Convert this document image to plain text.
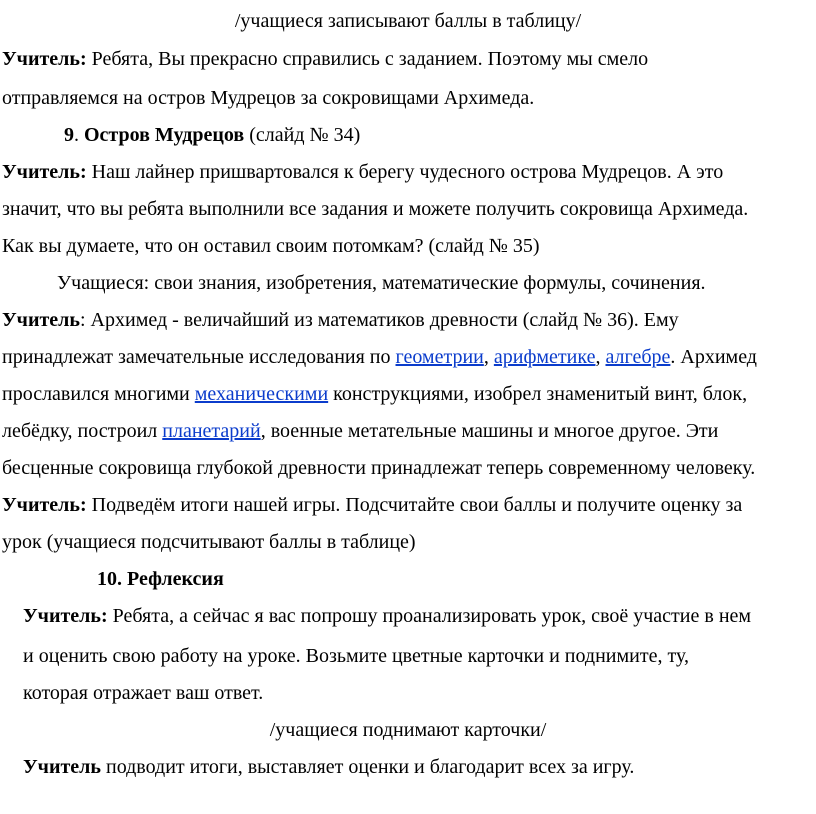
/учащиеся записывают баллы в таблицу/
Учитель: Ребята, Вы прекрасно справились с заданием. Поэтому мы смело
отправляемся на остров Мудрецов за сокровищами Архимеда.
9. Остров Мудрецов (слайд № 34)
Учитель: Наш лайнер пришвартовался к берегу чудесного острова Мудрецов. А это
значит, что вы ребята выполнили все задания и можете получить сокровища Архимеда.
Как вы думаете, что он оставил своим потомкам? (слайд № 35)
Учащиеся: свои знания, изобретения, математические формулы, сочинения.
Учитель: Архимед - величайший из математиков древности (слайд № 36). Ему
принадлежат замечательные исследования по геометрии, арифметике, алгебре. Архимед
прославился многими механическими конструкциями, изобрел знаменитый винт, блок,
лебёдку, построил планетарий, военные метательные машины и многое другое. Эти
бесценные сокровища глубокой древности принадлежат теперь современному человеку.
Учитель: Подведём итоги нашей игры. Подсчитайте свои баллы и получите оценку за
урок (учащиеся подсчитывают баллы в таблице)
10. Рефлексия
Учитель: Ребята, а сейчас я вас попрошу проанализировать урок, своё участие в нем
и оценить свою работу на уроке. Возьмите цветные карточки и поднимите, ту,
которая отражает ваш ответ.
/учащиеся поднимают карточки/
Учитель подводит итоги, выставляет оценки и благодарит всех за игру.
